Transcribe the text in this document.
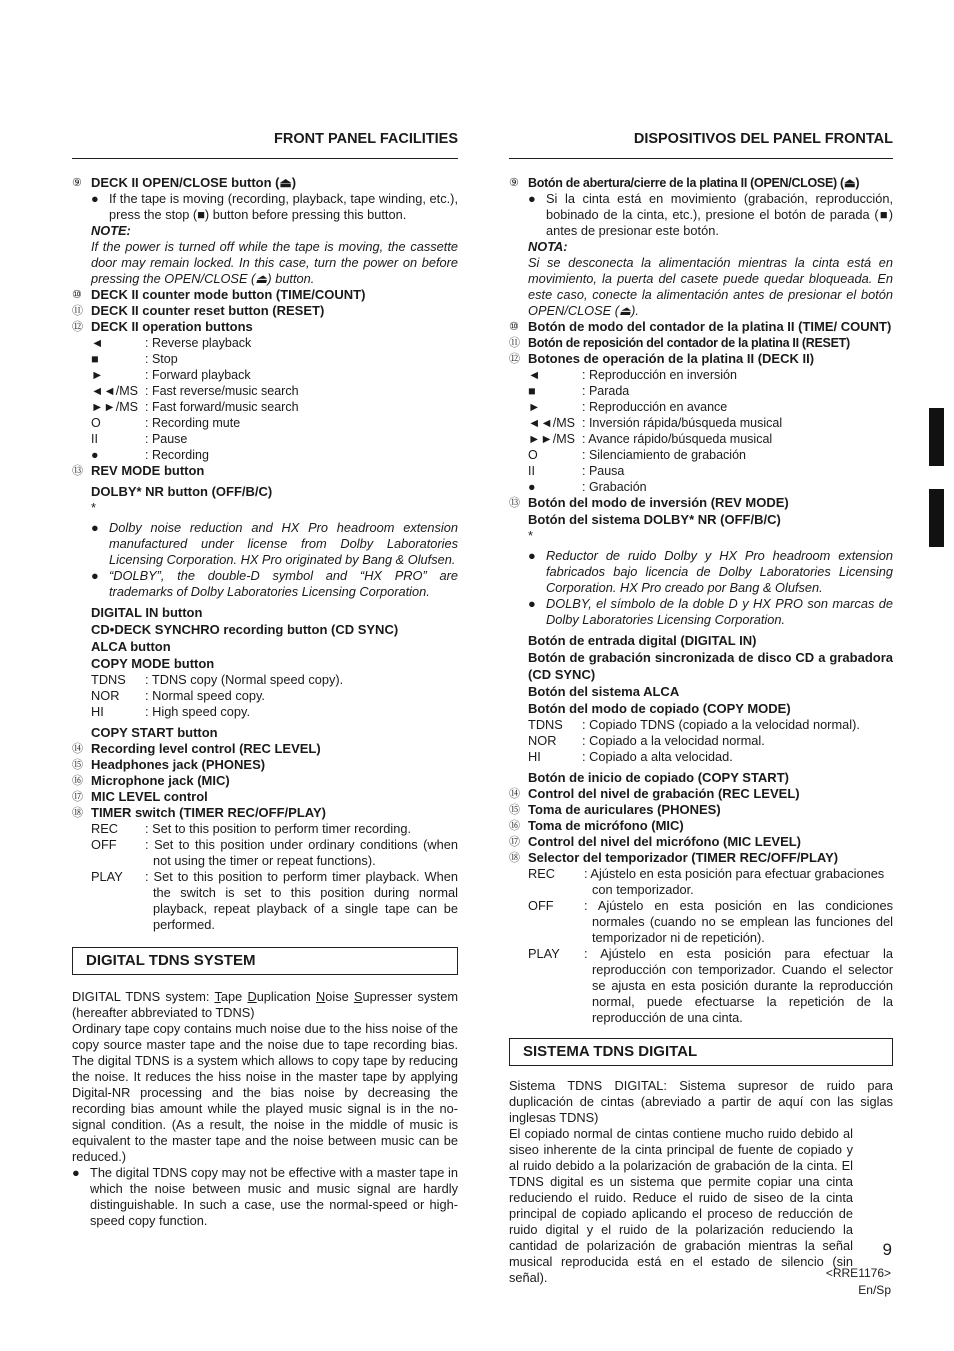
FRONT PANEL FACILITIES
⑨ DECK II OPEN/CLOSE button (⏏)
● If the tape is moving (recording, playback, tape winding, etc.), press the stop (■) button before pressing this button.
NOTE:
If the power is turned off while the tape is moving, the cassette door may remain locked. In this case, turn the power on before pressing the OPEN/CLOSE (⏏) button.
⑩ DECK II counter mode button (TIME/COUNT)
⑪ DECK II counter reset button (RESET)
⑫ DECK II operation buttons
◄	: Reverse playback
■	: Stop
►	: Forward playback
◄◄/MS : Fast reverse/music search
►►/MS : Fast forward/music search
O	: Recording mute
II	: Pause
●	: Recording
⑬ REV MODE button
DOLBY* NR button (OFF/B/C)
*
● Dolby noise reduction and HX Pro headroom extension manufactured under license from Dolby Laboratories Licensing Corporation. HX Pro originated by Bang & Olufsen.
● “DOLBY”, the double-D symbol and “HX PRO” are trademarks of Dolby Laboratories Licensing Corporation.
DIGITAL IN button
CD•DECK SYNCHRO recording button (CD SYNC)
ALCA button
COPY MODE button
TDNS	: TDNS copy (Normal speed copy).
NOR	: Normal speed copy.
HI	: High speed copy.
COPY START button
⑭ Recording level control (REC LEVEL)
⑮ Headphones jack (PHONES)
⑯ Microphone jack (MIC)
⑰ MIC LEVEL control
⑱ TIMER switch (TIMER REC/OFF/PLAY)
REC	: Set to this position to perform timer recording.
OFF	: Set to this position under ordinary conditions (when not using the timer or repeat functions).
PLAY	: Set to this position to perform timer playback. When the switch is set to this position during normal playback, repeat playback of a single tape can be performed.
DIGITAL TDNS SYSTEM
DIGITAL TDNS system: Tape Duplication Noise Supresser system (hereafter abbreviated to TDNS)
Ordinary tape copy contains much noise due to the hiss noise of the copy source master tape and the noise due to tape recording bias. The digital TDNS is a system which allows to copy tape by reducing the noise. It reduces the hiss noise in the master tape by applying Digital-NR processing and the bias noise by decreasing the recording bias amount while the played music signal is in the no-signal condition. (As a result, the noise in the middle of music is equivalent to the master tape and the noise between music can be reduced.)
● The digital TDNS copy may not be effective with a master tape in which the noise between music and music signal are hardly distinguishable. In such a case, use the normal-speed or high-speed copy function.
DISPOSITIVOS DEL PANEL FRONTAL
⑨ Botón de abertura/cierre de la platina II (OPEN/CLOSE) (⏏)
● Si la cinta está en movimiento (grabación, reproducción, bobinado de la cinta, etc.), presione el botón de parada (■) antes de presionar este botón.
NOTA:
Si se desconecta la alimentación mientras la cinta está en movimiento, la puerta del casete puede quedar bloqueada. En este caso, conecte la alimentación antes de presionar el botón OPEN/CLOSE (⏏).
⑩ Botón de modo del contador de la platina II (TIME/ COUNT)
⑪ Botón de reposición del contador de la platina II (RESET)
⑫ Botones de operación de la platina II (DECK II)
◄	: Reproducción en inversión
■	: Parada
►	: Reproducción en avance
◄◄/MS : Inversión rápida/búsqueda musical
►►/MS : Avance rápido/búsqueda musical
O	: Silenciamiento de grabación
II	: Pausa
●	: Grabación
⑬ Botón del modo de inversión (REV MODE)
Botón del sistema DOLBY* NR (OFF/B/C)
*
● Reductor de ruido Dolby y HX Pro headroom extension fabricados bajo licencia de Dolby Laboratories Licensing Corporation. HX Pro creado por Bang & Olufsen.
● DOLBY, el símbolo de la doble D y HX PRO son marcas de Dolby Laboratories Licensing Corporation.
Botón de entrada digital (DIGITAL IN)
Botón de grabación sincronizada de disco CD a grabadora (CD SYNC)
Botón del sistema ALCA
Botón del modo de copiado (COPY MODE)
TDNS	: Copiado TDNS (copiado a la velocidad normal).
NOR	: Copiado a la velocidad normal.
HI	: Copiado a alta velocidad.
Botón de inicio de copiado (COPY START)
⑭ Control del nivel de grabación (REC LEVEL)
⑮ Toma de auriculares (PHONES)
⑯ Toma de micrófono (MIC)
⑰ Control del nivel del micrófono (MIC LEVEL)
⑱ Selector del temporizador (TIMER REC/OFF/PLAY)
REC	: Ajústelo en esta posición para efectuar grabaciones con temporizador.
OFF	: Ajústelo en esta posición en las condiciones normales (cuando no se emplean las funciones del temporizador ni de repetición).
PLAY	: Ajústelo en esta posición para efectuar la reproducción con temporizador. Cuando el selector se ajusta en esta posición durante la reproducción normal, puede efectuarse la repetición de la reproducción de una cinta.
SISTEMA TDNS DIGITAL
Sistema TDNS DIGITAL: Sistema supresor de ruido para duplicación de cintas (abreviado a partir de aquí con las siglas inglesas TDNS)
El copiado normal de cintas contiene mucho ruido debido al siseo inherente de la cinta principal de fuente de copiado y al ruido debido a la polarización de grabación de la cinta. El TDNS digital es un sistema que permite copiar una cinta reduciendo el ruido. Reduce el ruido de siseo de la cinta principal de copiado aplicando el proceso de reducción de ruido digital y el ruido de la polarización reduciendo la cantidad de polarización de grabación mientras la señal musical reproducida está en el estado de silencio (sin señal).
9
<RRE1176>
En/Sp
